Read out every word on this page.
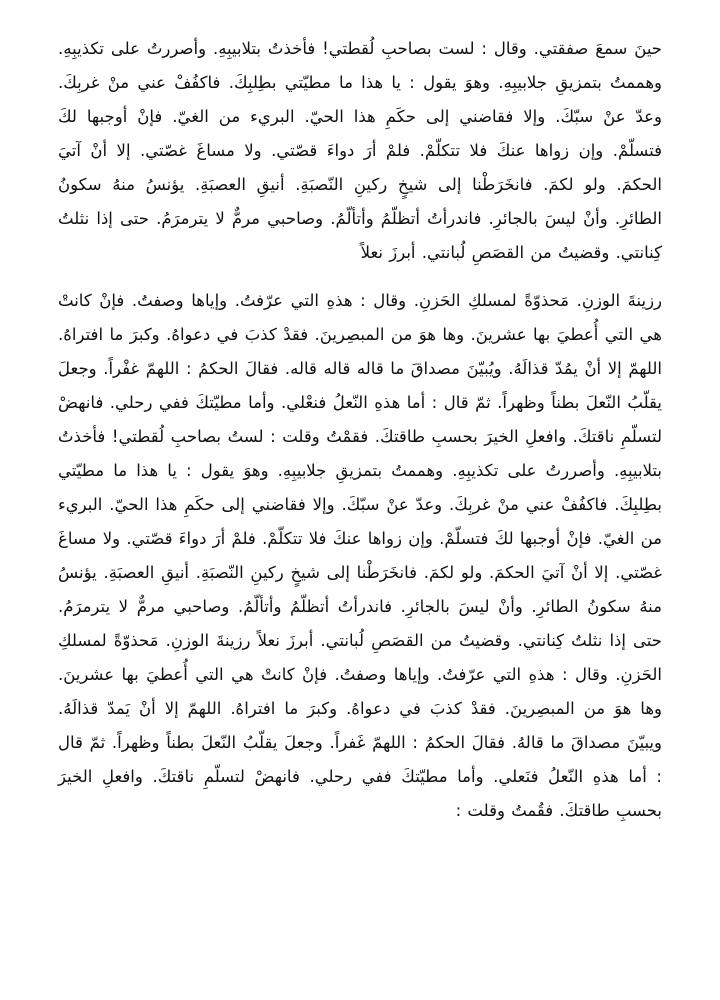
حينَ سمعَ صفقتي. وقال : لست بصاحبِ لُقطتي! فأخذتُ بتلابيبِهِ. وأصررتُ على تكذيبِهِ. وهممتُ بتمزيقِ جلابيبِهِ. وهوَ يقول : يا هذا ما مطيّتي بطِلبِكَ. فاكفُفْ عني منْ غربِكَ. وعدّ عنْ سبّكَ. وإلا فقاضني إلى حكَمِ هذا الحيّ. البريء من الغيّ. فإنْ أوجبها لكَ فتسلّمْ. وإن زواها عنكَ فلا تتكلّمْ. فلمْ أرَ دواءَ قصّتي. ولا مساغَ غصّتي. إلا أنْ آتيَ الحكمَ. ولو لكمَ. فانخَرَطْنا إلى شيخٍ ركينِ النّصبَةِ. أنيقِ العصبَةِ. يؤنسُ منهُ سكونُ الطائرِ. وأنْ ليسَ بالجائرِ. فاندرأتُ أتظلّمُ وأتألّمُ. وصاحبي مرمٌّ لا يترمرَمُ. حتى إذا نثلتُ كِنانتي. وقضيتُ من القصَصِ لُبانتي. أبرزَ نعلاً

رزينةَ الوزنِ. مَحذوّةً لمسلكِ الحَزنِ. وقال : هذهِ التي عرّفتُ. وإياها وصفتُ. فإنْ كانتْ هي التي أُعطيَ بها عشرينَ. وها هوَ من المبصِرينَ. فقدْ كذبَ في دعواهُ. وكبرَ ما افتراهُ. اللهمّ إلا أنْ يمُدّ قذالَهُ. ويُبيّنَ مصداقَ ما قاله قاله قاله. فقالَ الحكمُ : اللهمّ غفْراً. وجعلَ يقلّبُ النّعلَ بطناً وظهراً. ثمّ قال : أما هذهِ النّعلُ فنعْلي. وأما مطيّتكَ ففي رحلي. فانهضْ لتسلّمِ ناقتكَ. وافعلِ الخيرَ بحسبِ طاقتكَ. فقمْتُ وقلت : لستُ بصاحبِ لُقطتي! فأخذتُ بتلابيبِهِ. وأصررتُ على تكذيبِهِ. وهممتُ بتمزيقِ جلابيبِهِ. وهوَ يقول : يا هذا ما مطيّتي بطِلبِكَ. فاكفُفْ عني منْ غربِكَ. وعدّ عنْ سبّكَ. وإلا فقاضني إلى حكَمِ هذا الحيّ. البريء من الغيّ. فإنْ أوجبها لكَ فتسلّمْ. وإن زواها عنكَ فلا تتكلّمْ. فلمْ أرَ دواءَ قصّتي. ولا مساغَ غصّتي. إلا أنْ آتيَ الحكمَ. ولو لكمَ. فانخَرَطْنا إلى شيخٍ ركينِ النّصبَةِ. أنيقِ العصبَةِ. يؤنسُ منهُ سكونُ الطائرِ. وأنْ ليسَ بالجائرِ. فاندرأتُ أتظلّمُ وأتألّمُ. وصاحبي مرمٌّ لا يترمرَمُ. حتى إذا نثلتُ كِنانتي. وقضيتُ من القصَصِ لُبانتي. أبرزَ نعلاً رزينةَ الوزنِ. مَحذوّةً لمسلكِ الحَزنِ. وقال : هذهِ التي عرّفتُ. وإياها وصفتُ. فإنْ كانتْ هي التي أُعطيَ بها عشرينَ. وها هوَ من المبصِرينَ. فقدْ كذبَ في دعواهُ. وكبرَ ما افتراهُ. اللهمّ إلا أنْ يَمدّ قذالَهُ. ويبيّنَ مصداقَ ما قالهُ. فقالَ الحكمُ : اللهمّ غَفراً. وجعلَ يقلّبُ النّعلَ بطناً وظهراً. ثمّ قال : أما هذهِ النّعلُ فنَعلي. وأما مطيّتكَ ففي رحلي. فانهضْ لتسلّمِ ناقتكَ. وافعلِ الخيرَ بحسبِ طاقتكَ. فقُمتُ وقلت :
